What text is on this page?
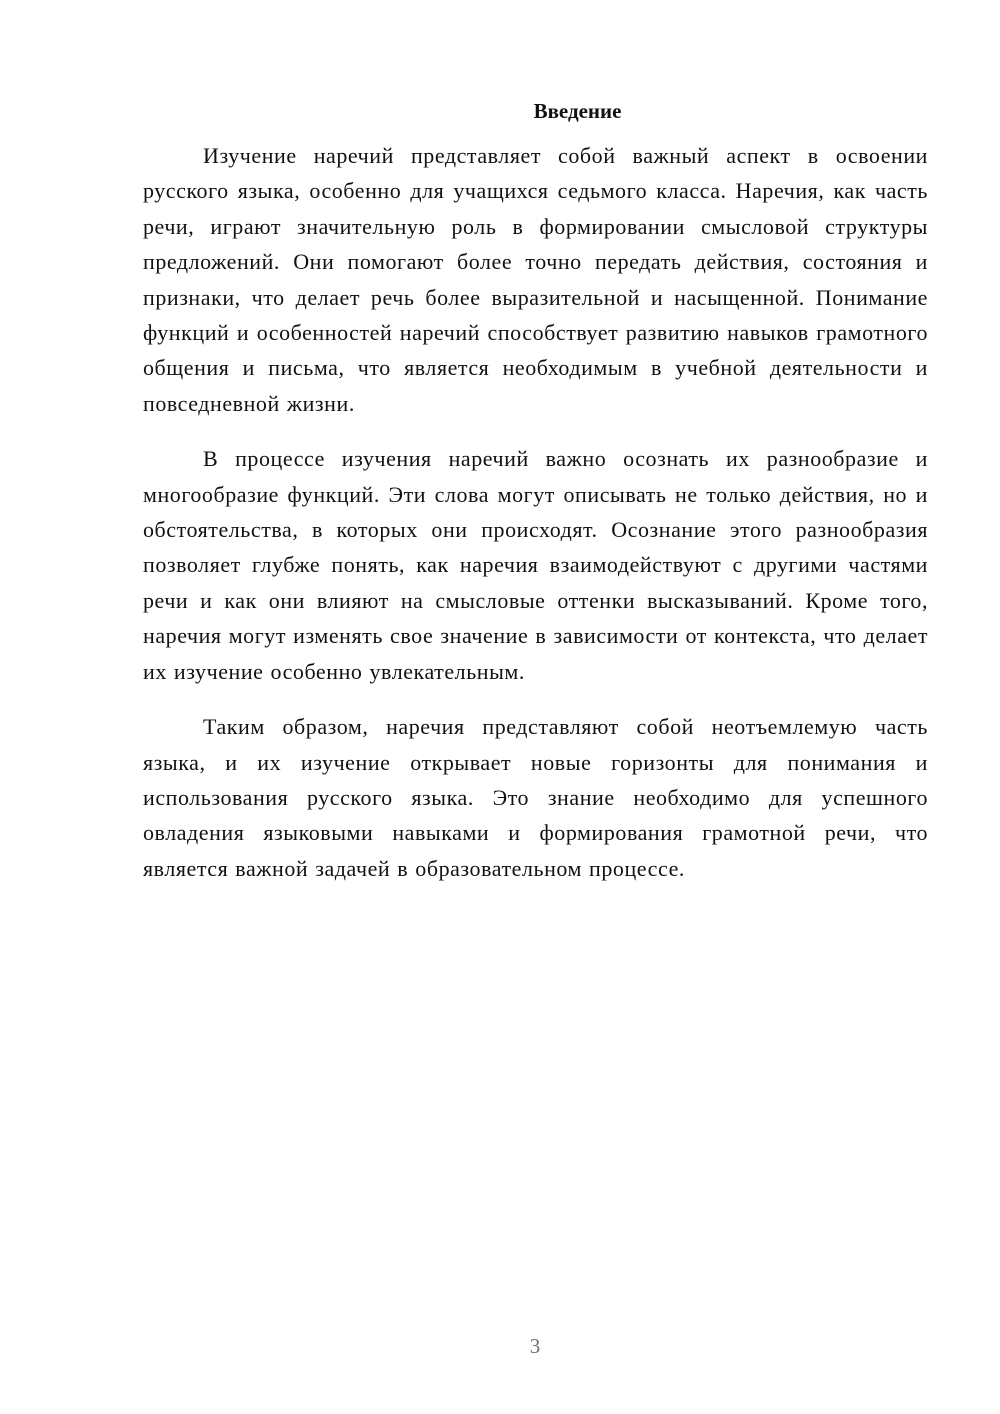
Введение

Изучение наречий представляет собой важный аспект в освоении русского языка, особенно для учащихся седьмого класса. Наречия, как часть речи, играют значительную роль в формировании смысловой структуры предложений. Они помогают более точно передать действия, состояния и признаки, что делает речь более выразительной и насыщенной. Понимание функций и особенностей наречий способствует развитию навыков грамотного общения и письма, что является необходимым в учебной деятельности и повседневной жизни.

В процессе изучения наречий важно осознать их разнообразие и многообразие функций. Эти слова могут описывать не только действия, но и обстоятельства, в которых они происходят. Осознание этого разнообразия позволяет глубже понять, как наречия взаимодействуют с другими частями речи и как они влияют на смысловые оттенки высказываний. Кроме того, наречия могут изменять свое значение в зависимости от контекста, что делает их изучение особенно увлекательным.

Таким образом, наречия представляют собой неотъемлемую часть языка, и их изучение открывает новые горизонты для понимания и использования русского языка. Это знание необходимо для успешного овладения языковыми навыками и формирования грамотной речи, что является важной задачей в образовательном процессе.

3
